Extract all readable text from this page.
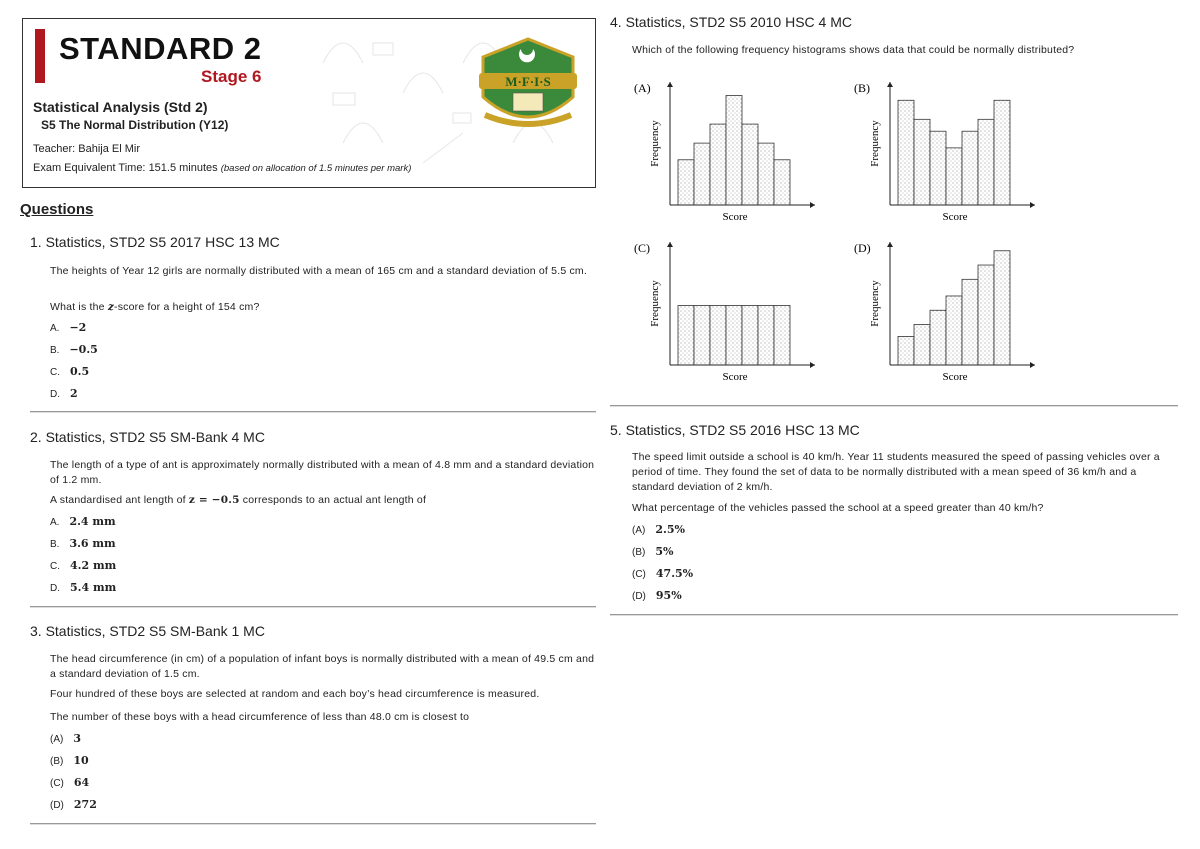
STANDARD 2
Stage 6
Statistical Analysis (Std 2)
S5 The Normal Distribution (Y12)
Teacher: Bahija El Mir
Exam Equivalent Time: 151.5 minutes (based on allocation of 1.5 minutes per mark)
M·F·I·S
Questions
1. Statistics, STD2 S5 2017 HSC 13 MC
The heights of Year 12 girls are normally distributed with a mean of 165 cm and a standard deviation of 5.5 cm.
What is the z-score for a height of 154 cm?
A. −2
B. −0.5
C. 0.5
D. 2
2. Statistics, STD2 S5 SM-Bank 4 MC
The length of a type of ant is approximately normally distributed with a mean of 4.8 mm and a standard deviation of 1.2 mm.
A standardised ant length of z = −0.5 corresponds to an actual ant length of
A. 2.4 mm
B. 3.6 mm
C. 4.2 mm
D. 5.4 mm
3. Statistics, STD2 S5 SM-Bank 1 MC
The head circumference (in cm) of a population of infant boys is normally distributed with a mean of 49.5 cm and a standard deviation of 1.5 cm.
Four hundred of these boys are selected at random and each boy’s head circumference is measured.
The number of these boys with a head circumference of less than 48.0 cm is closest to
(A) 3
(B) 10
(C) 64
(D) 272
4. Statistics, STD2 S5 2010 HSC 4 MC
Which of the following frequency histograms shows data that could be normally distributed?
(A)
Score
Frequency
(B)
Score
Frequency
(C)
Score
Frequency
(D)
Score
Frequency
5. Statistics, STD2 S5 2016 HSC 13 MC
The speed limit outside a school is 40 km/h. Year 11 students measured the speed of passing vehicles over a period of time. They found the set of data to be normally distributed with a mean speed of 36 km/h and a standard deviation of 2 km/h.
What percentage of the vehicles passed the school at a speed greater than 40 km/h?
(A) 2.5%
(B) 5%
(C) 47.5%
(D) 95%
